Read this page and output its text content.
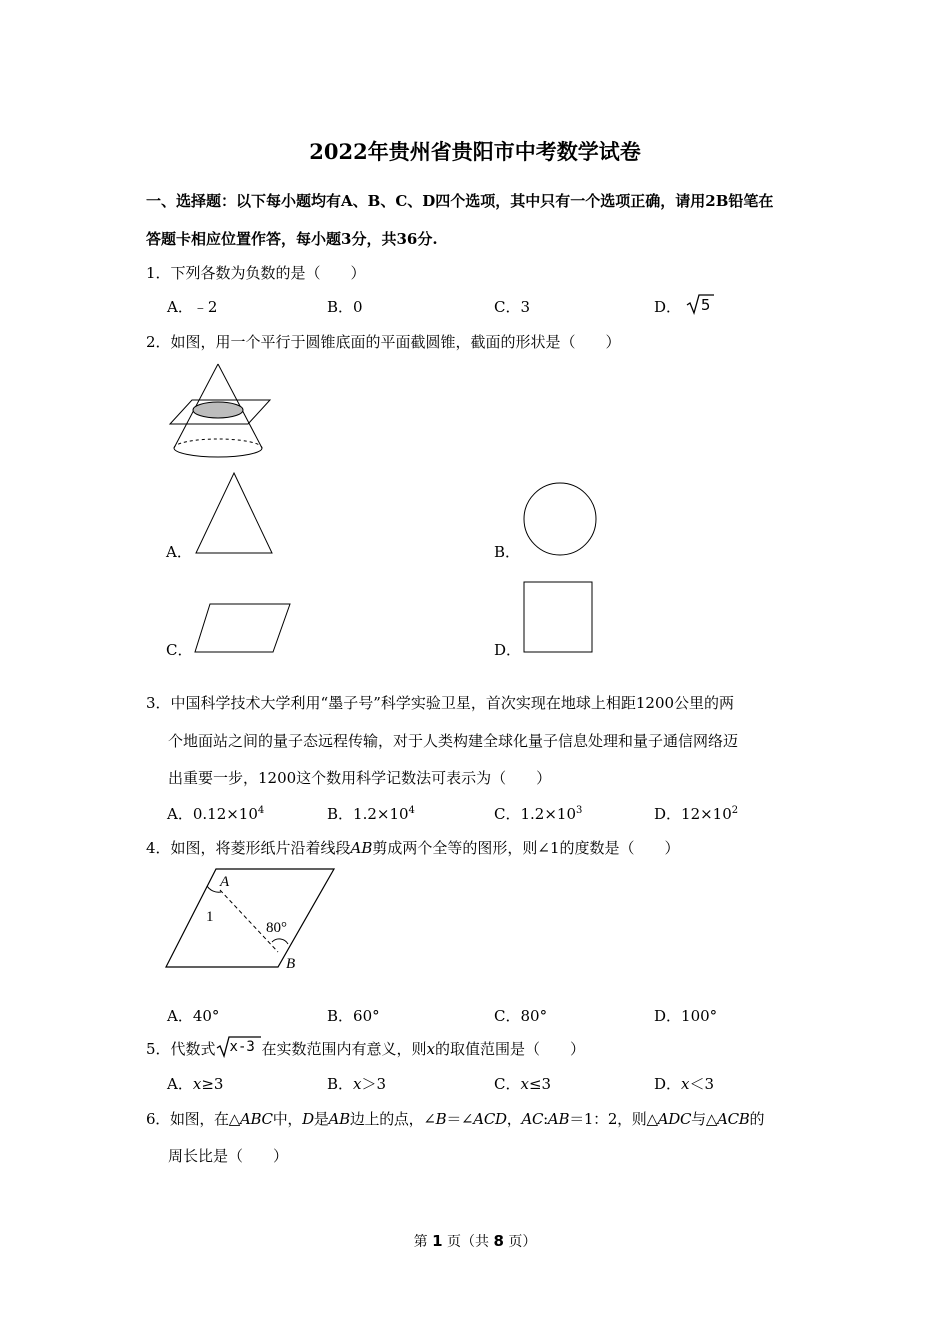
2022年贵州省贵阳市中考数学试卷
一、选择题：以下每小题均有A、B、C、D四个选项，其中只有一个选项正确，请用2B铅笔在
答题卡相应位置作答，每小题3分，共36分.
1．下列各数为负数的是（　　）
A．﹣2	B．0	C．3	D． 5
2．如图，用一个平行于圆锥底面的平面截圆锥，截面的形状是（　　）
A．	B．
C．	D．
3．中国科学技术大学利用“墨子号”科学实验卫星，首次实现在地球上相距1200公里的两
个地面站之间的量子态远程传输，对于人类构建全球化量子信息处理和量子通信网络迈
出重要一步，1200这个数用科学记数法可表示为（　　）
A．$0.12\times 10^4$	B．$1.2\times 10^4$	C．$1.2\times 10^3$	D．$12\times 10^2$
4．如图，将菱形纸片沿着线段AB剪成两个全等的图形，则∠1的度数是（　　）
A
1
80°
B
A．40°	B．60°	C．80°	D．100°
5．代数式 x-3 在实数范围内有意义，则x的取值范围是（　　）
A．x≥3	B．x＞3	C．x≤3	D．x＜3
6．如图，在△ABC中，D是AB边上的点，∠B＝∠ACD，AC:AB＝1：2，则△ADC与△ACB的
周长比是（　　）
第 1 页（共 8 页）
